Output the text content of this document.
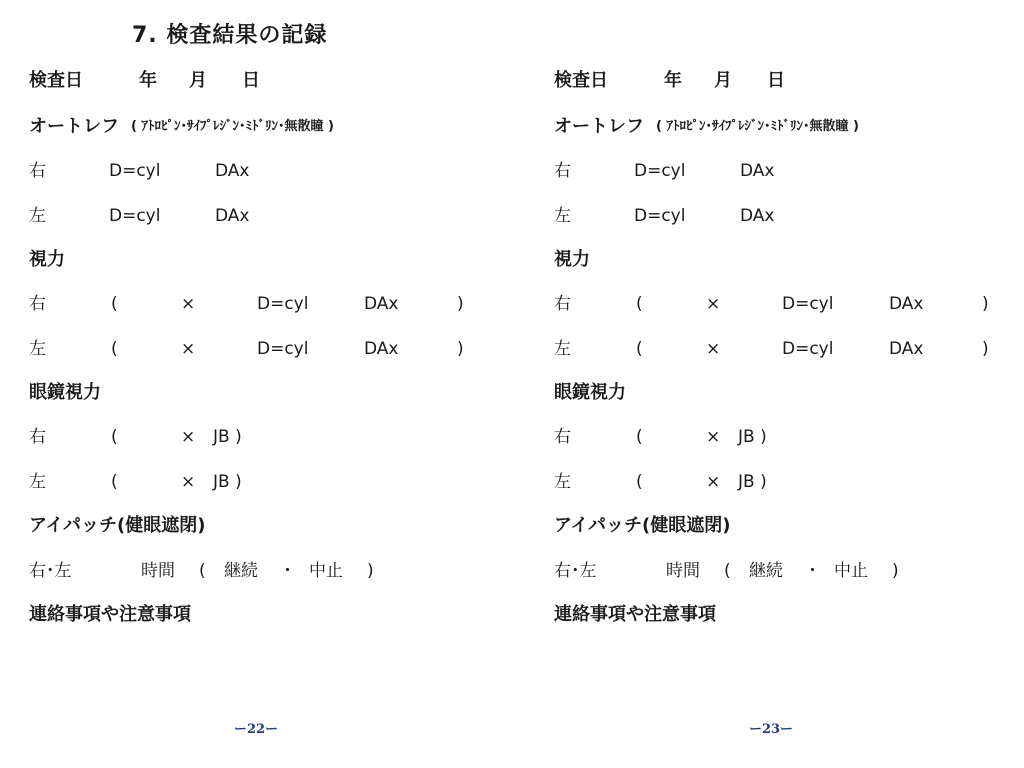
7. 検査結果の記録
検査日	年 月 日
オートレフ ( ｱﾄﾛﾋﾟﾝ･ｻｲﾌﾟﾚｼﾞﾝ･ﾐﾄﾞﾘﾝ･無散瞳 )
右	D=cyl	DAx
左	D=cyl	DAx
視力
右	(	×	D=cyl	DAx	)
左	(	×	D=cyl	DAx	)
眼鏡視力
右	(	× JB )
左	(	× JB )
アイパッチ(健眼遮閉)
右･左	時間 ( 継続 ・ 中止 )
連絡事項や注意事項
検査日	年 月 日
オートレフ ( ｱﾄﾛﾋﾟﾝ･ｻｲﾌﾟﾚｼﾞﾝ･ﾐﾄﾞﾘﾝ･無散瞳 )
右	D=cyl	DAx
左	D=cyl	DAx
視力
右	(	×	D=cyl	DAx	)
左	(	×	D=cyl	DAx	)
眼鏡視力
右	(	× JB )
左	(	× JB )
アイパッチ(健眼遮閉)
右･左	時間 ( 継続 ・ 中止 )
連絡事項や注意事項
ー22ー	ー23ー
